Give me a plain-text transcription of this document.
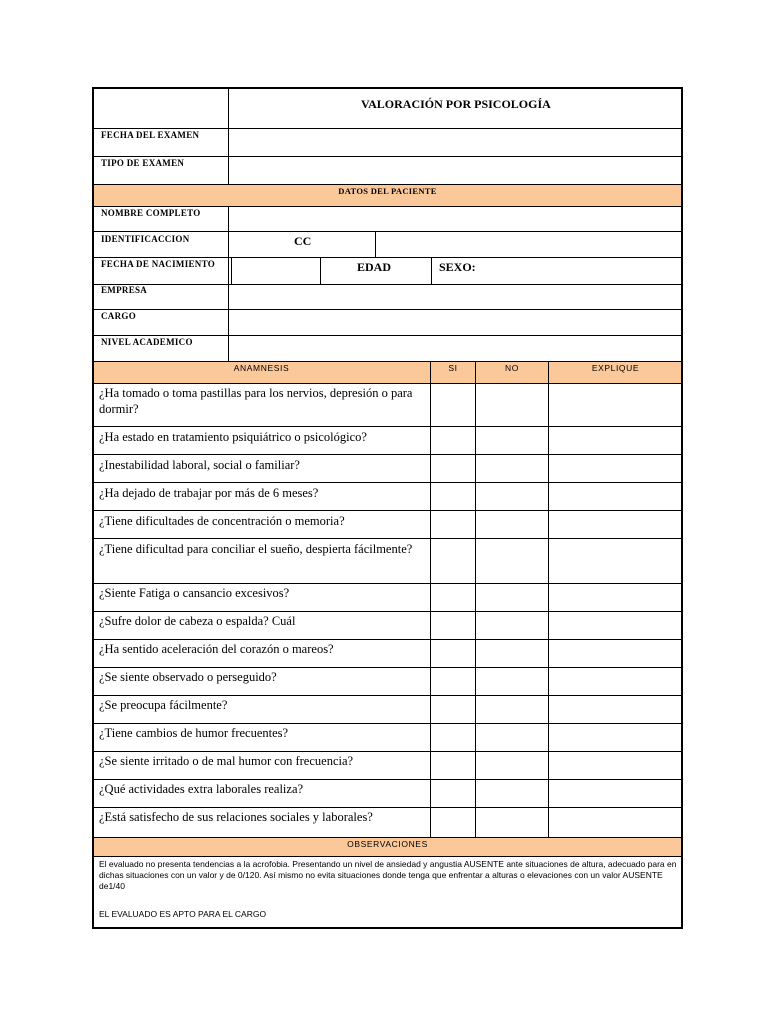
VALORACIÓN POR PSICOLOGÍA
FECHA DEL EXAMEN
TIPO DE EXAMEN
DATOS DEL PACIENTE
NOMBRE COMPLETO
IDENTIFICACCION	CC
FECHA DE NACIMIENTO	EDAD	SEXO:
EMPRESA
CARGO
NIVEL ACADEMICO
ANAMNESIS	SI	NO	EXPLIQUE
¿Ha tomado o toma pastillas para los nervios, depresión o para dormir?
¿Ha estado en tratamiento psiquiátrico o psicológico?
¿Inestabilidad laboral, social o familiar?
¿Ha dejado de trabajar por más de 6 meses?
¿Tiene dificultades de concentración o memoria?
¿Tiene dificultad para conciliar el sueño, despierta fácilmente?
¿Siente Fatiga o cansancio excesivos?
¿Sufre dolor de cabeza o espalda? Cuál
¿Ha sentido aceleración del corazón o mareos?
¿Se siente observado o perseguido?
¿Se preocupa fácilmente?
¿Tiene cambios de humor frecuentes?
¿Se siente irritado o de mal humor con frecuencia?
¿Qué actividades extra laborales realiza?
¿Está satisfecho de sus relaciones sociales y laborales?
OBSERVACIONES
El evaluado no presenta tendencias a la acrofobia. Presentando un nivel de ansiedad y angustia AUSENTE ante situaciones de altura, adecuado para en dichas situaciones con un valor y de 0/120. Así mismo no evita situaciones donde tenga que enfrentar a alturas o elevaciones con un valor AUSENTE de1/40
EL EVALUADO ES APTO PARA EL CARGO
